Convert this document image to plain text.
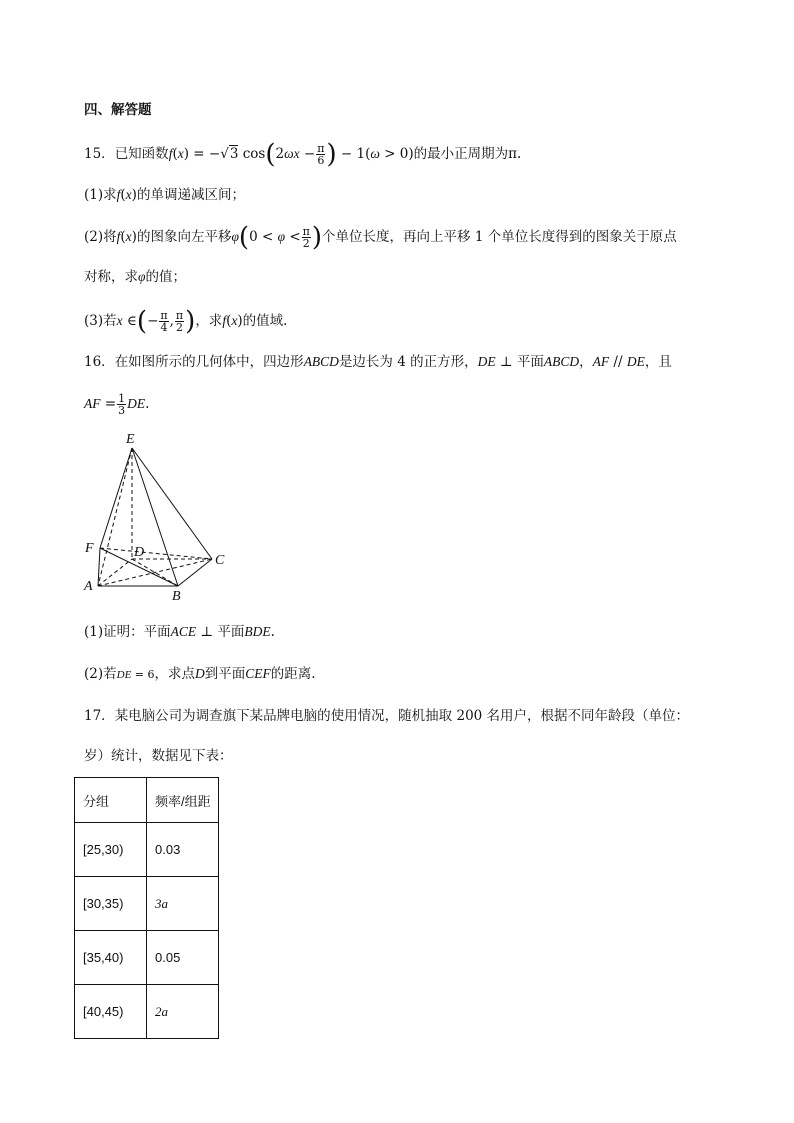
四、解答题
15．已知函数f(x) = −√3 $\cos(2\omega x - \frac{\pi}{6}$ ) − 1(ω > 0)的最小正周期为π.
(1)求f(x)的单调递减区间；
(2)将f(x)的图象向左平移$\varphi(0 < \varphi < \frac{\pi}{2}$ )个单位长度，再向上平移 1 个单位长度得到的图象关于原点
对称，求φ的值；
(3)若x ∈(− $\frac{\pi}{4}$ , $\frac{\pi}{2}$ )，求f(x)的值域.
16．在如图所示的几何体中，四边形ABCD是边长为 4 的正方形，DE ⊥ 平面ABCD，AF // DE，且
AF = $\frac{1}{3}$ DE.
E
F	D
C
A
B
(1)证明：平面ACE ⊥ 平面BDE.
(2)若DE = 6，求点D到平面CEF的距离.
17．某电脑公司为调查旗下某品牌电脑的使用情况，随机抽取 200 名用户，根据不同年龄段（单位：
岁）统计，数据见下表：
分组	频率/组距
[25,30)	0.03
[30,35)	3a
[35,40)	0.05
[40,45)	2a
